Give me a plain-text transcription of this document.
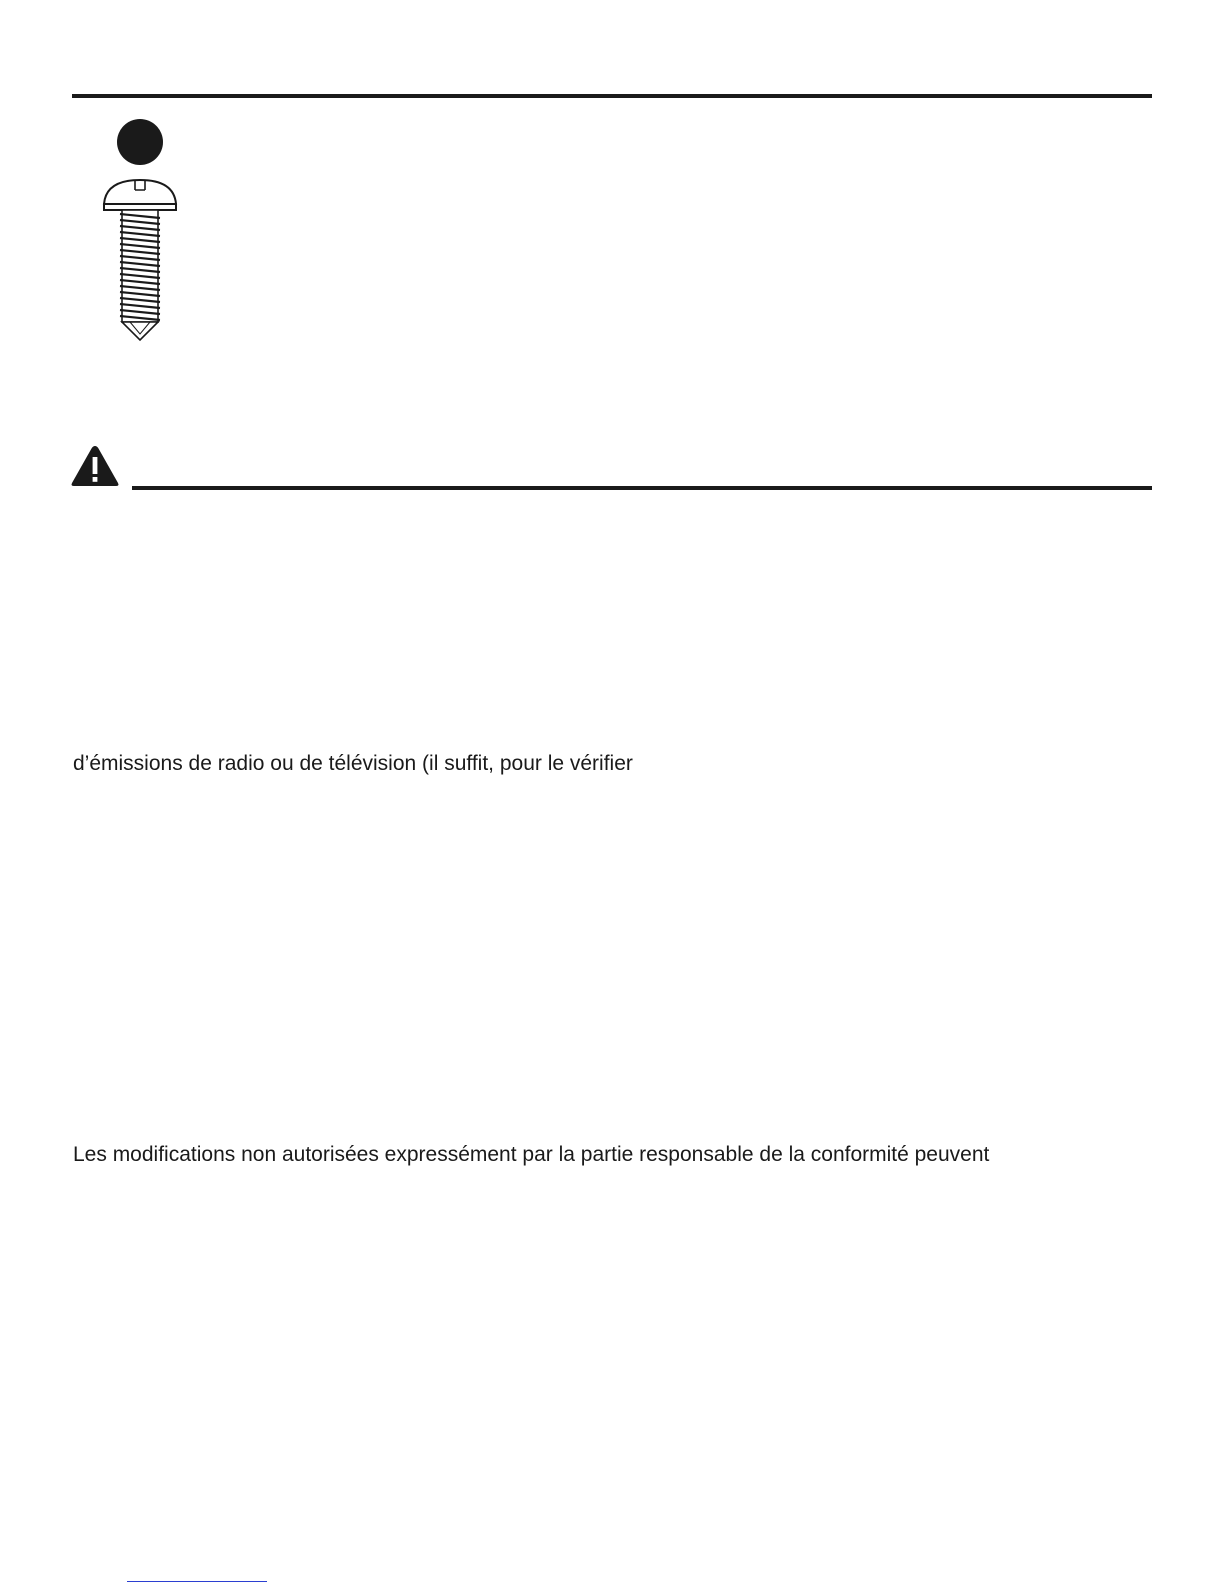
d’émissions de radio ou de télévision (il suffit, pour le vérifier
Les modifications non autorisées expressément par la partie responsable de la conformité peuvent
